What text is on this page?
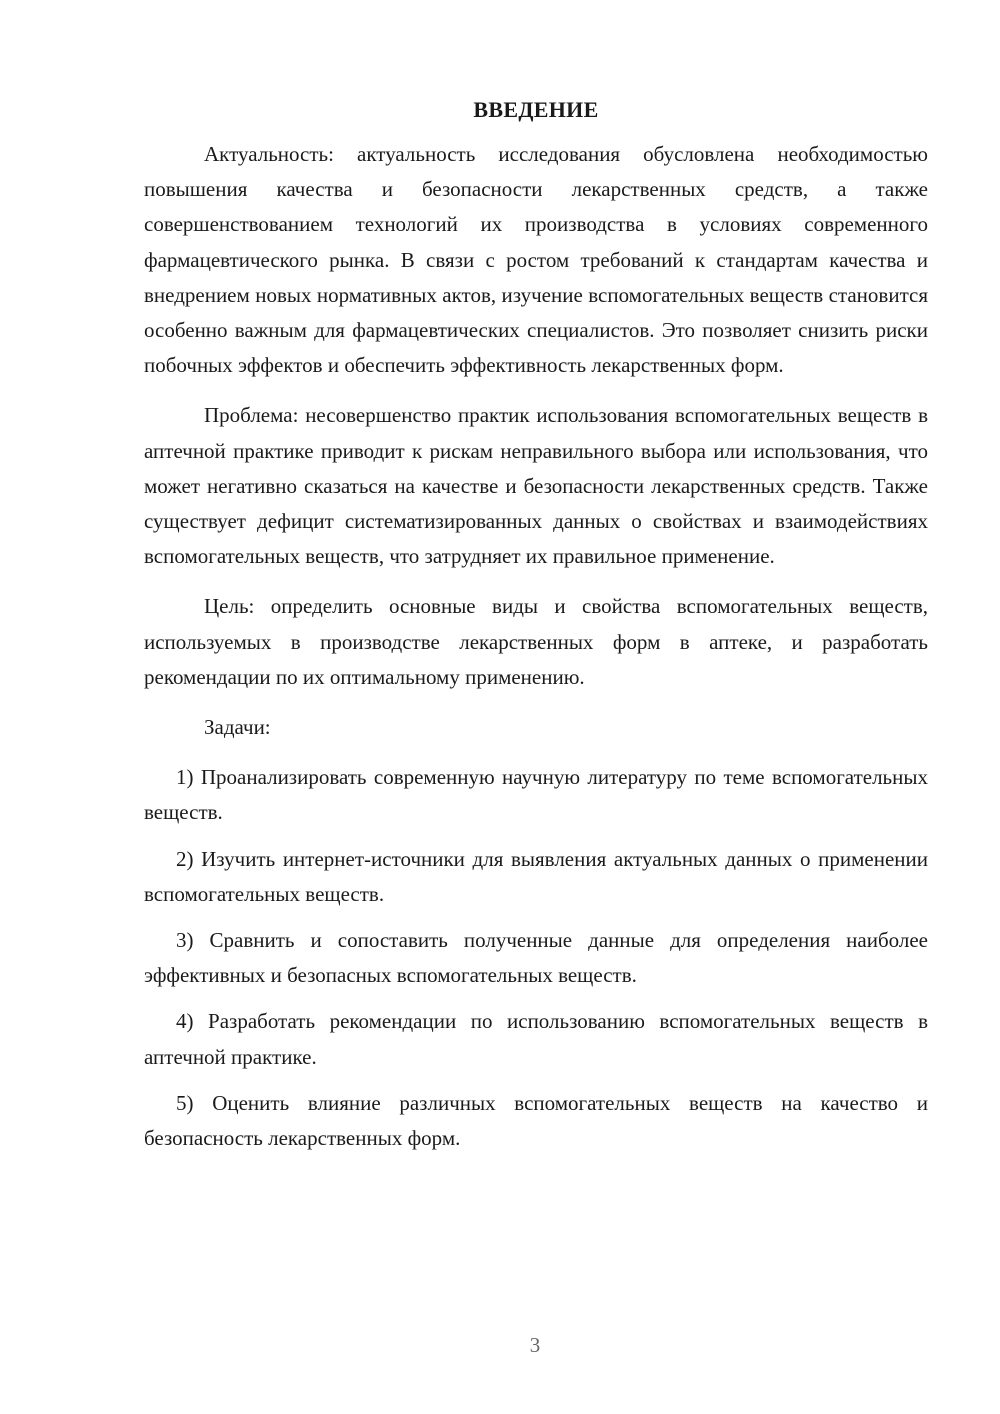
ВВЕДЕНИЕ

Актуальность: актуальность исследования обусловлена необходимостью повышения качества и безопасности лекарственных средств, а также совершенствованием технологий их производства в условиях современного фармацевтического рынка. В связи с ростом требований к стандартам качества и внедрением новых нормативных актов, изучение вспомогательных веществ становится особенно важным для фармацевтических специалистов. Это позволяет снизить риски побочных эффектов и обеспечить эффективность лекарственных форм.

Проблема: несовершенство практик использования вспомогательных веществ в аптечной практике приводит к рискам неправильного выбора или использования, что может негативно сказаться на качестве и безопасности лекарственных средств. Также существует дефицит систематизированных данных о свойствах и взаимодействиях вспомогательных веществ, что затрудняет их правильное применение.

Цель: определить основные виды и свойства вспомогательных веществ, используемых в производстве лекарственных форм в аптеке, и разработать рекомендации по их оптимальному применению.

Задачи:

1) Проанализировать современную научную литературу по теме вспомогательных веществ.

2) Изучить интернет-источники для выявления актуальных данных о применении вспомогательных веществ.

3) Сравнить и сопоставить полученные данные для определения наиболее эффективных и безопасных вспомогательных веществ.

4) Разработать рекомендации по использованию вспомогательных веществ в аптечной практике.

5) Оценить влияние различных вспомогательных веществ на качество и безопасность лекарственных форм.

3
